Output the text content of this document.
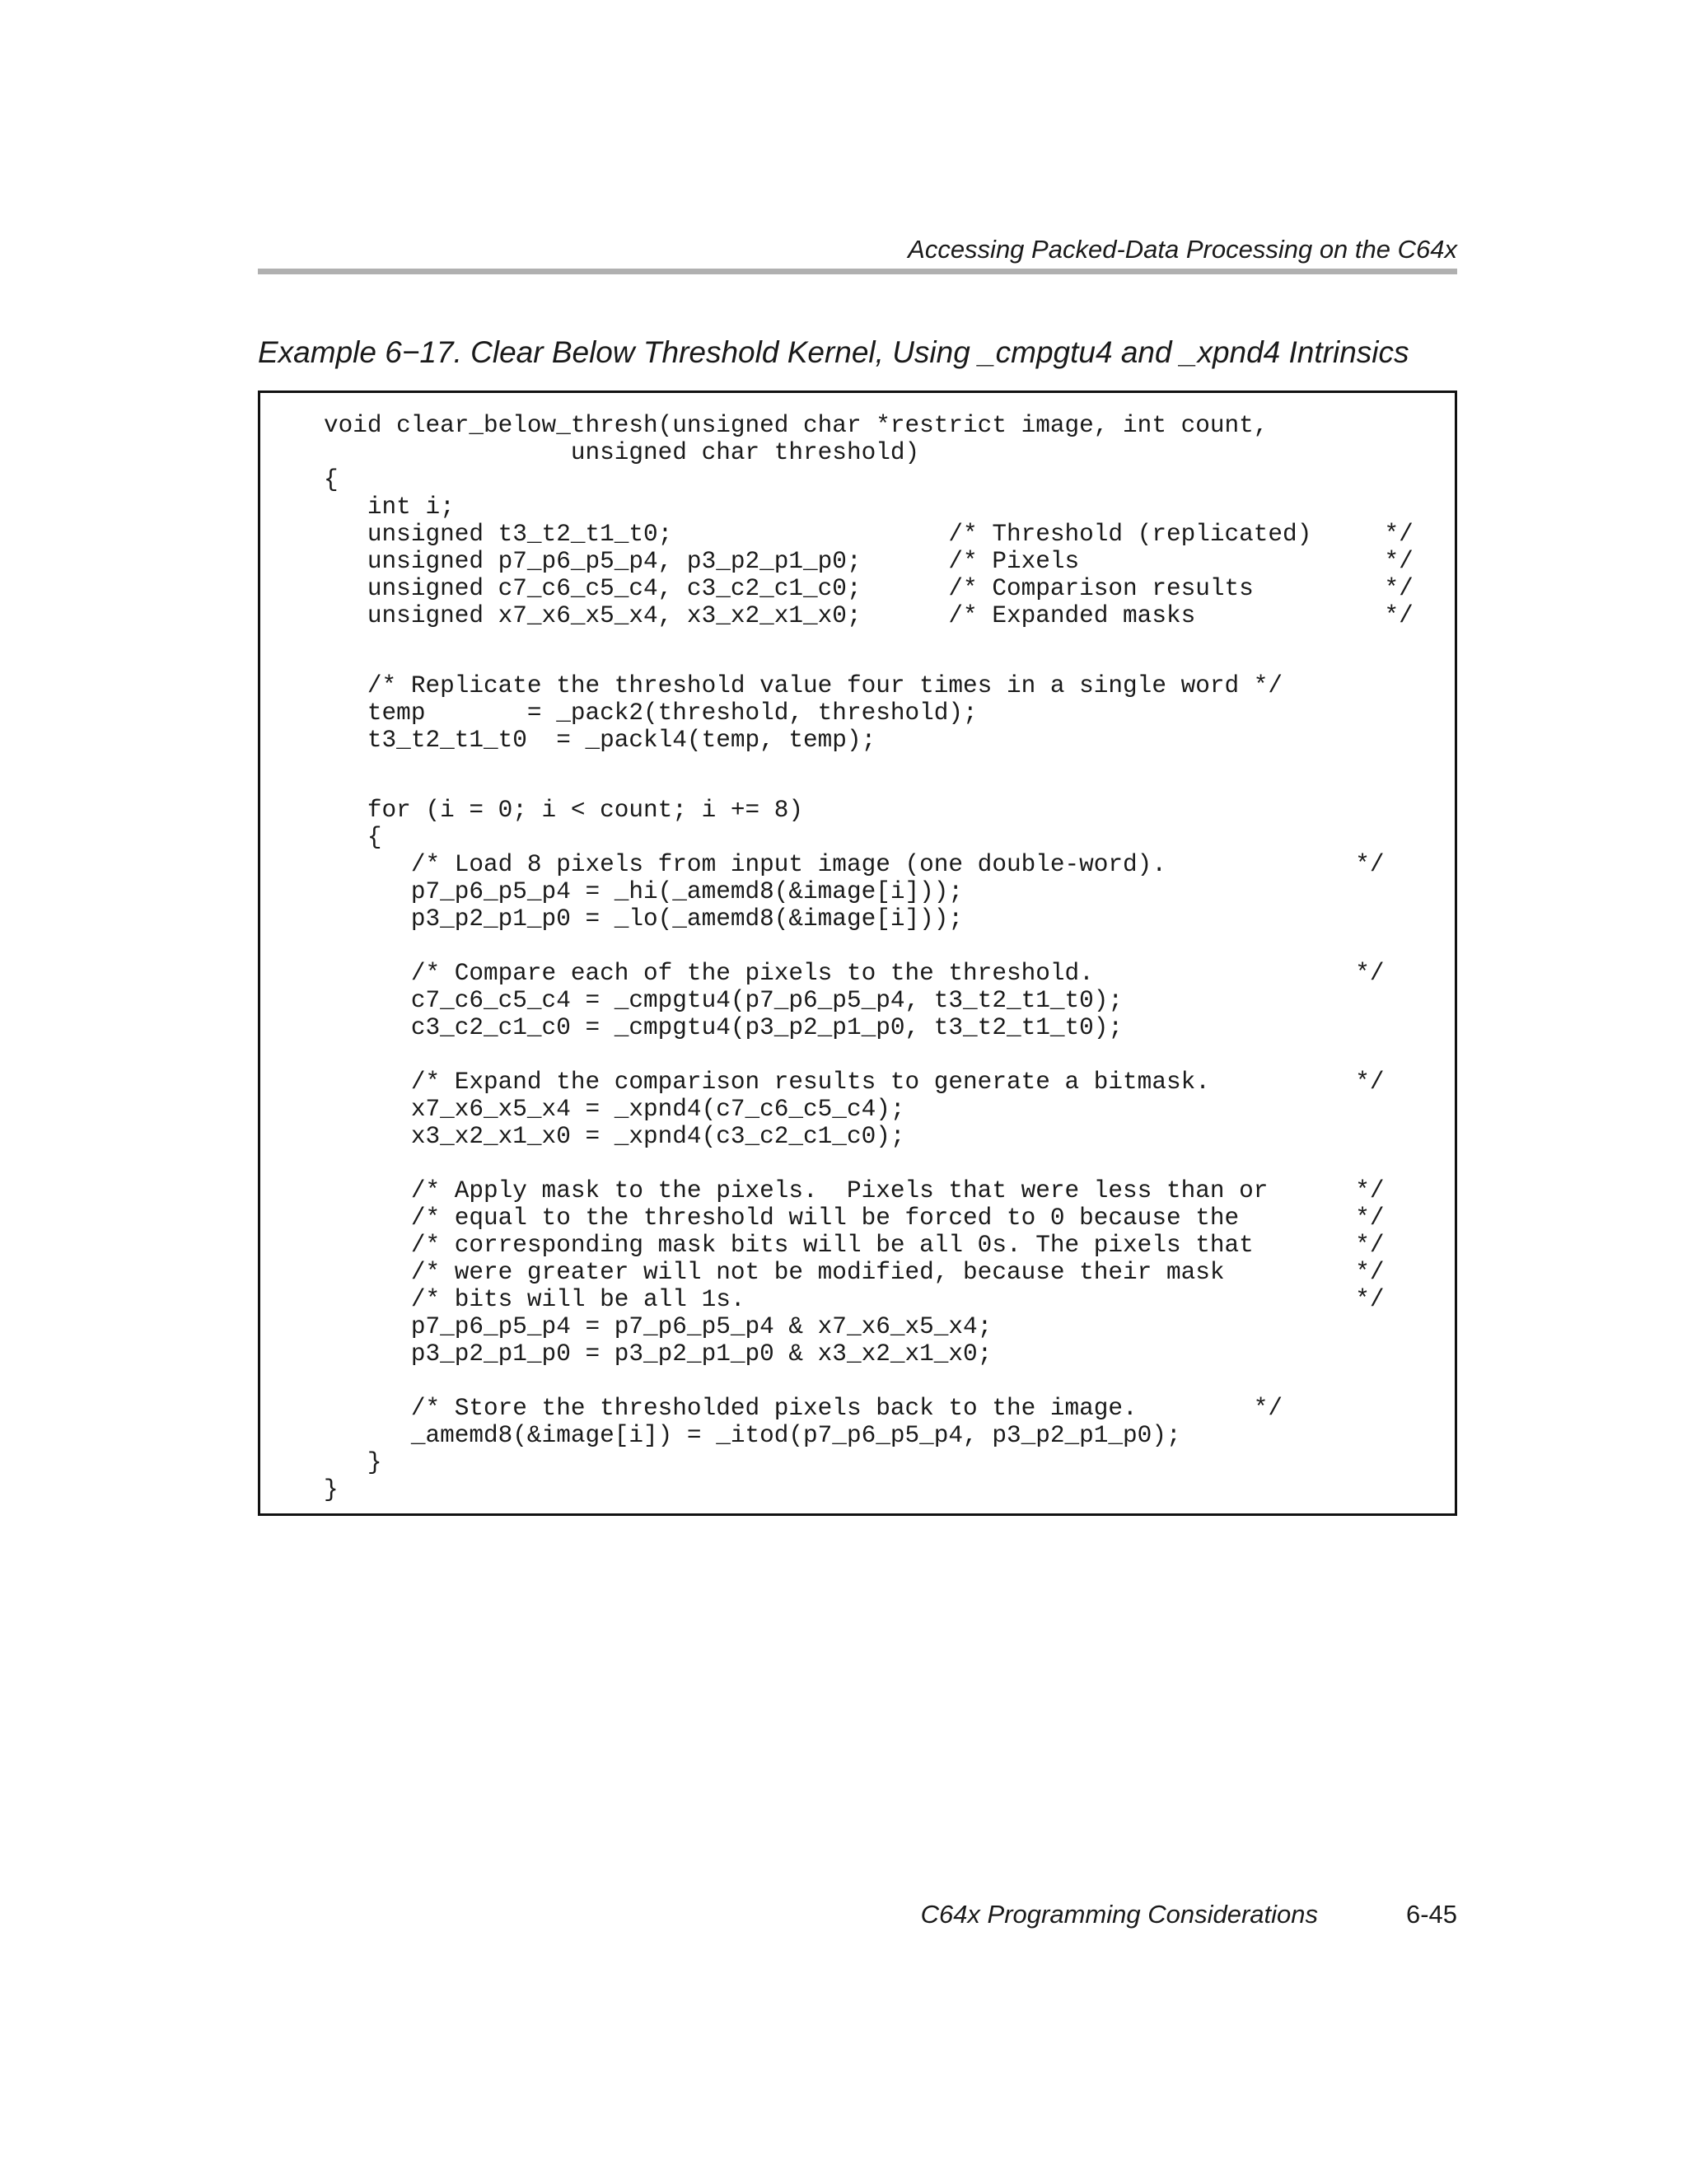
Accessing Packed-Data Processing on the C64x
Example 6−17. Clear Below Threshold Kernel, Using _cmpgtu4 and _xpnd4 Intrinsics
void clear_below_thresh(unsigned char *restrict image, int count,
unsigned char threshold)
{
int i;
unsigned t3_t2_t1_t0;                   /* Threshold (replicated)     */
unsigned p7_p6_p5_p4, p3_p2_p1_p0;      /* Pixels                     */
unsigned c7_c6_c5_c4, c3_c2_c1_c0;      /* Comparison results         */
unsigned x7_x6_x5_x4, x3_x2_x1_x0;      /* Expanded masks             */
/* Replicate the threshold value four times in a single word */
temp       = _pack2(threshold, threshold);
t3_t2_t1_t0  = _packl4(temp, temp);
for (i = 0; i < count; i += 8)
{
/* Load 8 pixels from input image (one double-word).             */
p7_p6_p5_p4 = _hi(_amemd8(&image[i]));
p3_p2_p1_p0 = _lo(_amemd8(&image[i]));
/* Compare each of the pixels to the threshold.                  */
c7_c6_c5_c4 = _cmpgtu4(p7_p6_p5_p4, t3_t2_t1_t0);
c3_c2_c1_c0 = _cmpgtu4(p3_p2_p1_p0, t3_t2_t1_t0);
/* Expand the comparison results to generate a bitmask.          */
x7_x6_x5_x4 = _xpnd4(c7_c6_c5_c4);
x3_x2_x1_x0 = _xpnd4(c3_c2_c1_c0);
/* Apply mask to the pixels.  Pixels that were less than or      */
/* equal to the threshold will be forced to 0 because the        */
/* corresponding mask bits will be all 0s. The pixels that       */
/* were greater will not be modified, because their mask         */
/* bits will be all 1s.                                          */
p7_p6_p5_p4 = p7_p6_p5_p4 & x7_x6_x5_x4;
p3_p2_p1_p0 = p3_p2_p1_p0 & x3_x2_x1_x0;
/* Store the thresholded pixels back to the image.        */
_amemd8(&image[i]) = _itod(p7_p6_p5_p4, p3_p2_p1_p0);
}
}
C64x Programming Considerations	6-45
